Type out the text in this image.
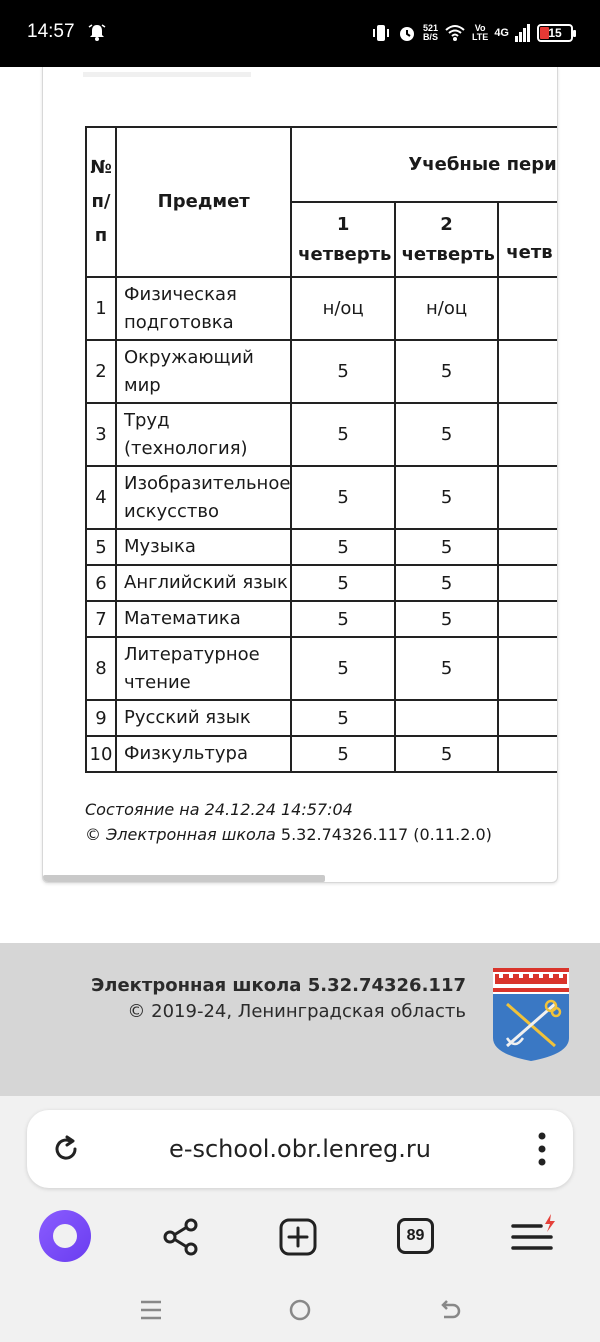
14:57	521
B/S
Vo
LTE 4G	15
№ п/п	Предмет	Учебные пери		
		1 четверть	2 четверть	четв
1	Физическая подготовка	н/оц	н/оц	
2	Окружающий мир	5	5	
3	Труд (технология)	5	5	
4	Изобразительное искусство	5	5	
5	Музыка	5	5	
6	Английский язык	5	5	
7	Математика	5	5	
8	Литературное чтение	5	5	
9	Русский язык	5		
10	Физкультура	5	5	
Состояние на 24.12.24 14:57:04
© Электронная школа 5.32.74326.117 (0.11.2.0)
Электронная школа 5.32.74326.117
© 2019-24, Ленинградская область
e-school.obr.lenreg.ru
89
